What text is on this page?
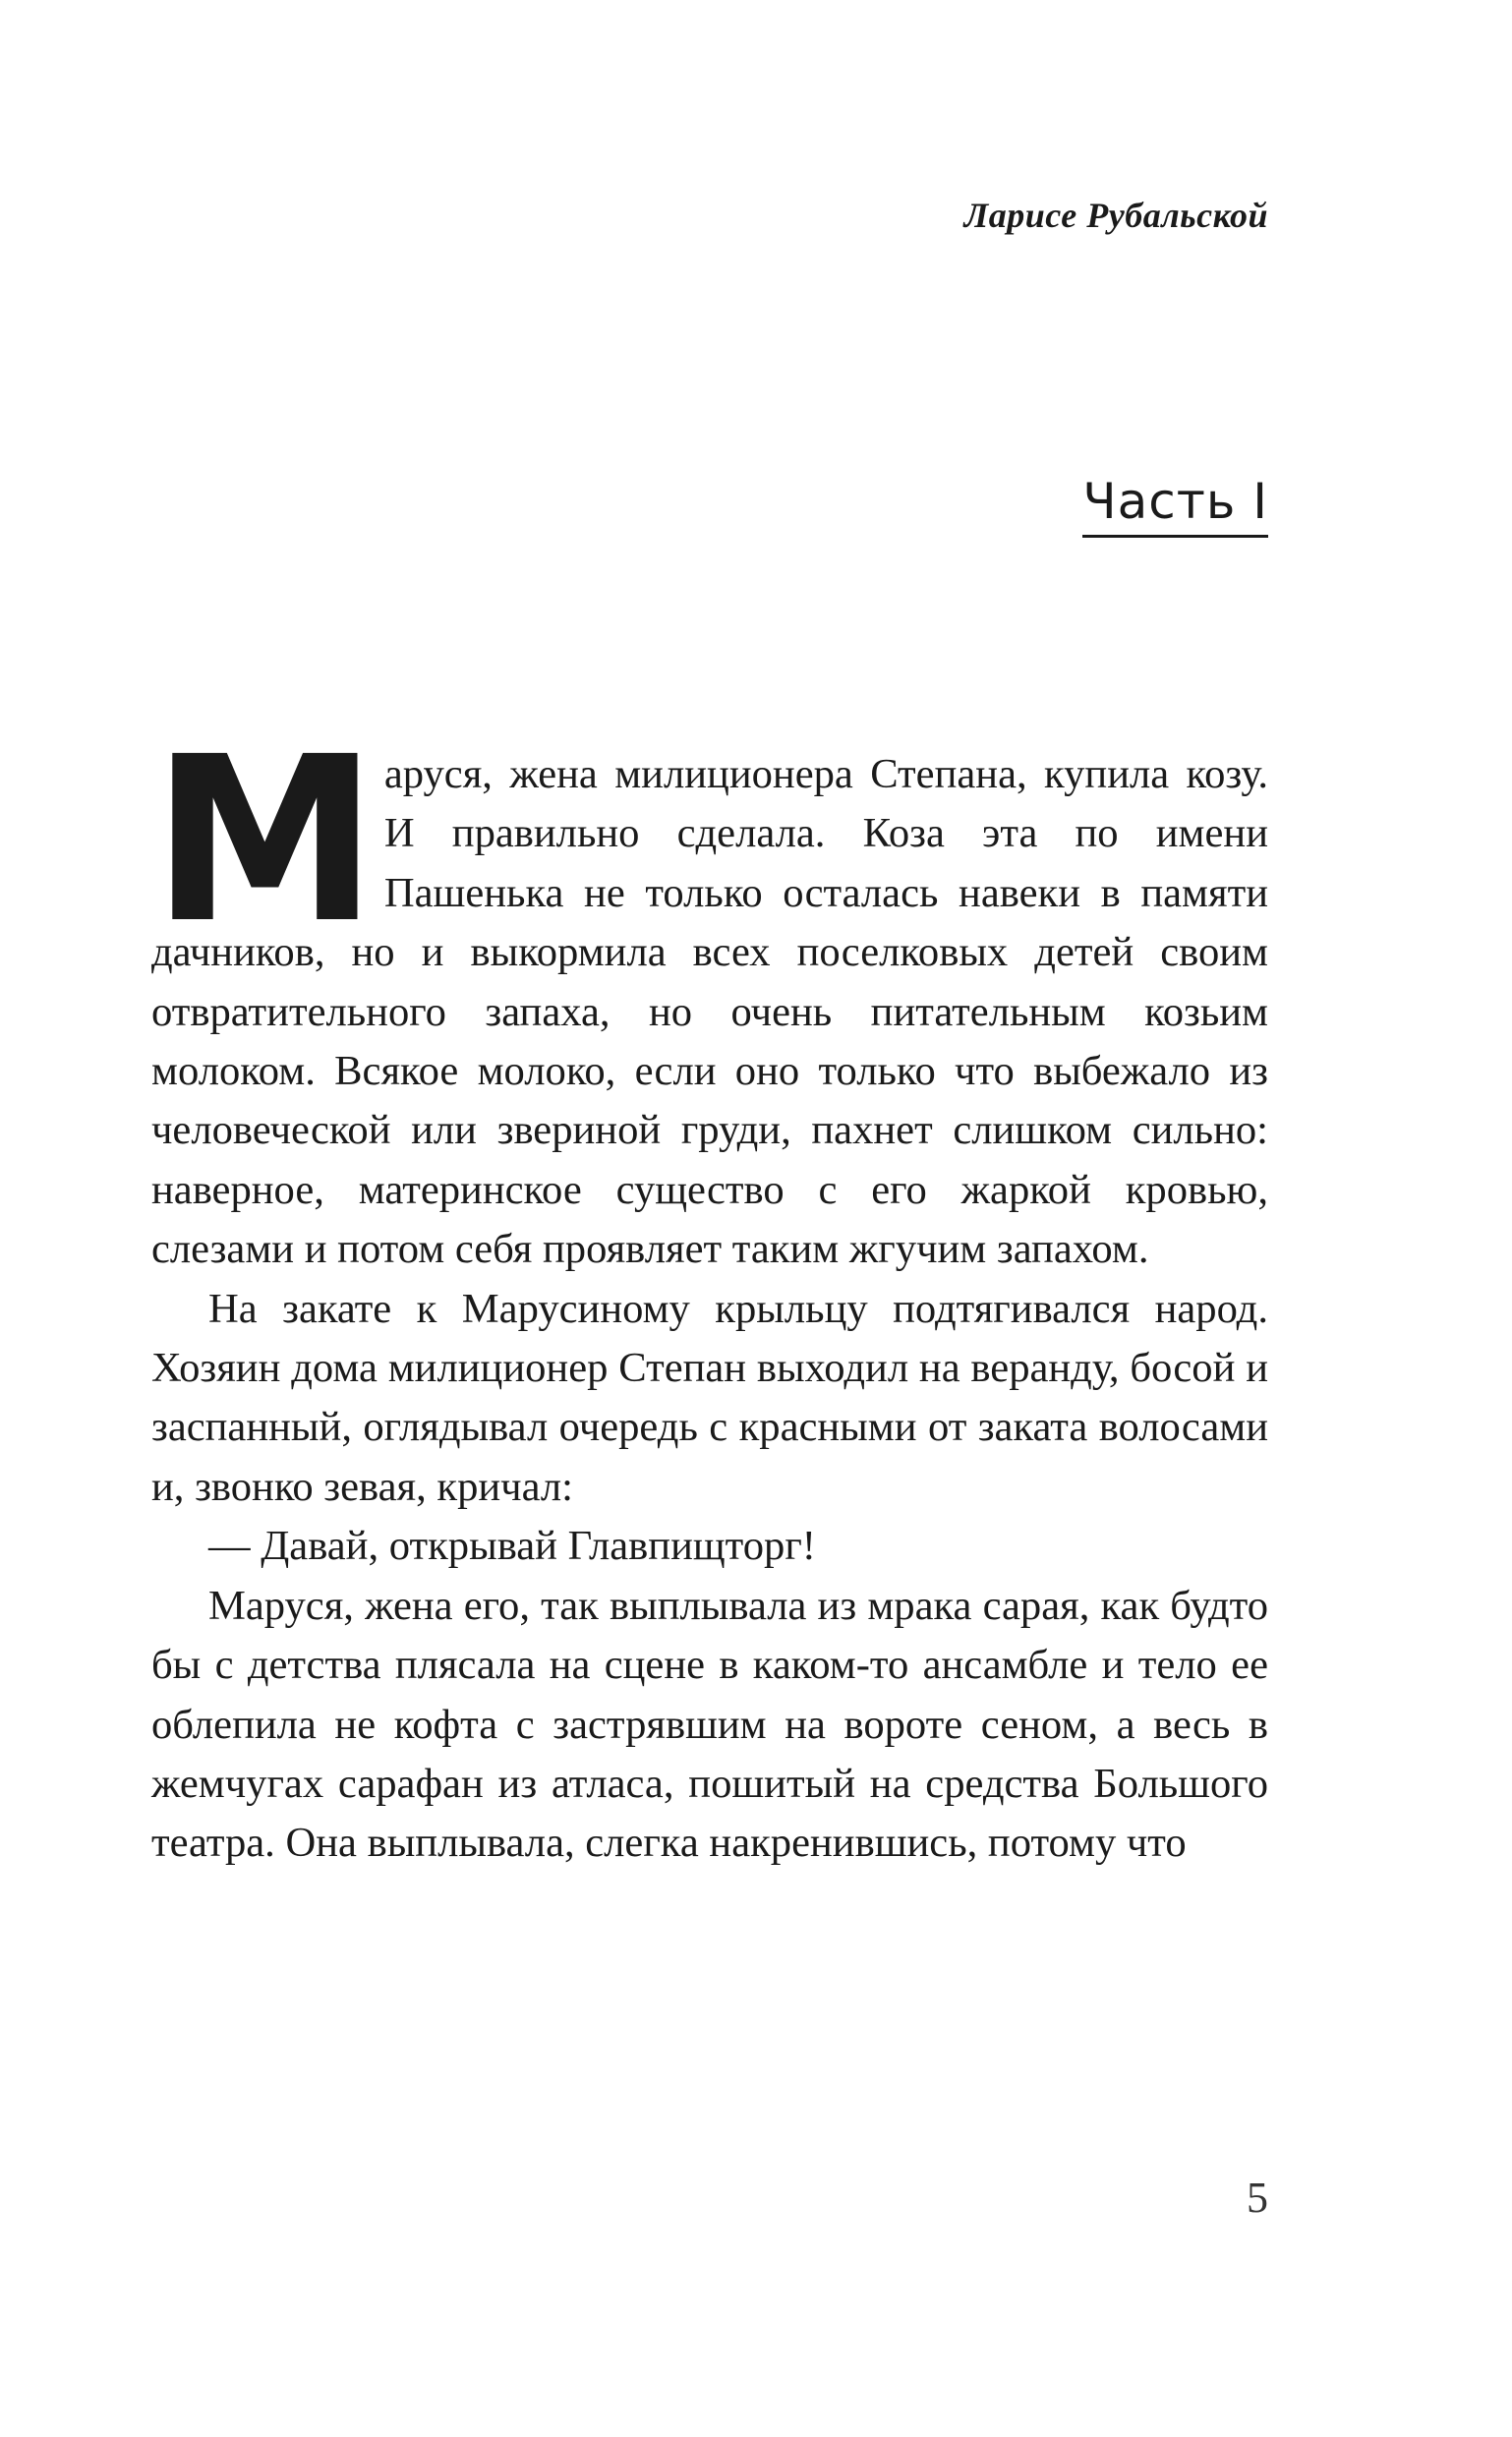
Ларисе Рубальской

Часть I

Маруся, жена милиционера Степана, купила козу. И правильно сделала. Коза эта по имени Пашенька не только осталась навеки в памяти дачников, но и выкормила всех поселковых детей своим отвратительного запаха, но очень питательным козьим молоком. Всякое молоко, если оно только что выбежало из человеческой или звериной груди, пахнет слишком сильно: наверное, материнское существо с его жаркой кровью, слезами и потом себя проявляет таким жгучим запахом.

На закате к Марусиному крыльцу подтягивался народ. Хозяин дома милиционер Степан выходил на веранду, босой и заспанный, оглядывал очередь с красными от заката волосами и, звонко зевая, кричал:

— Давай, открывай Главпищторг!

Маруся, жена его, так выплывала из мрака сарая, как будто бы с детства плясала на сцене в каком-то ансамбле и тело ее облепила не кофта с застрявшим на вороте сеном, а весь в жемчугах сарафан из атласа, пошитый на средства Большого театра. Она выплывала, слегка накренившись, потому что

5
